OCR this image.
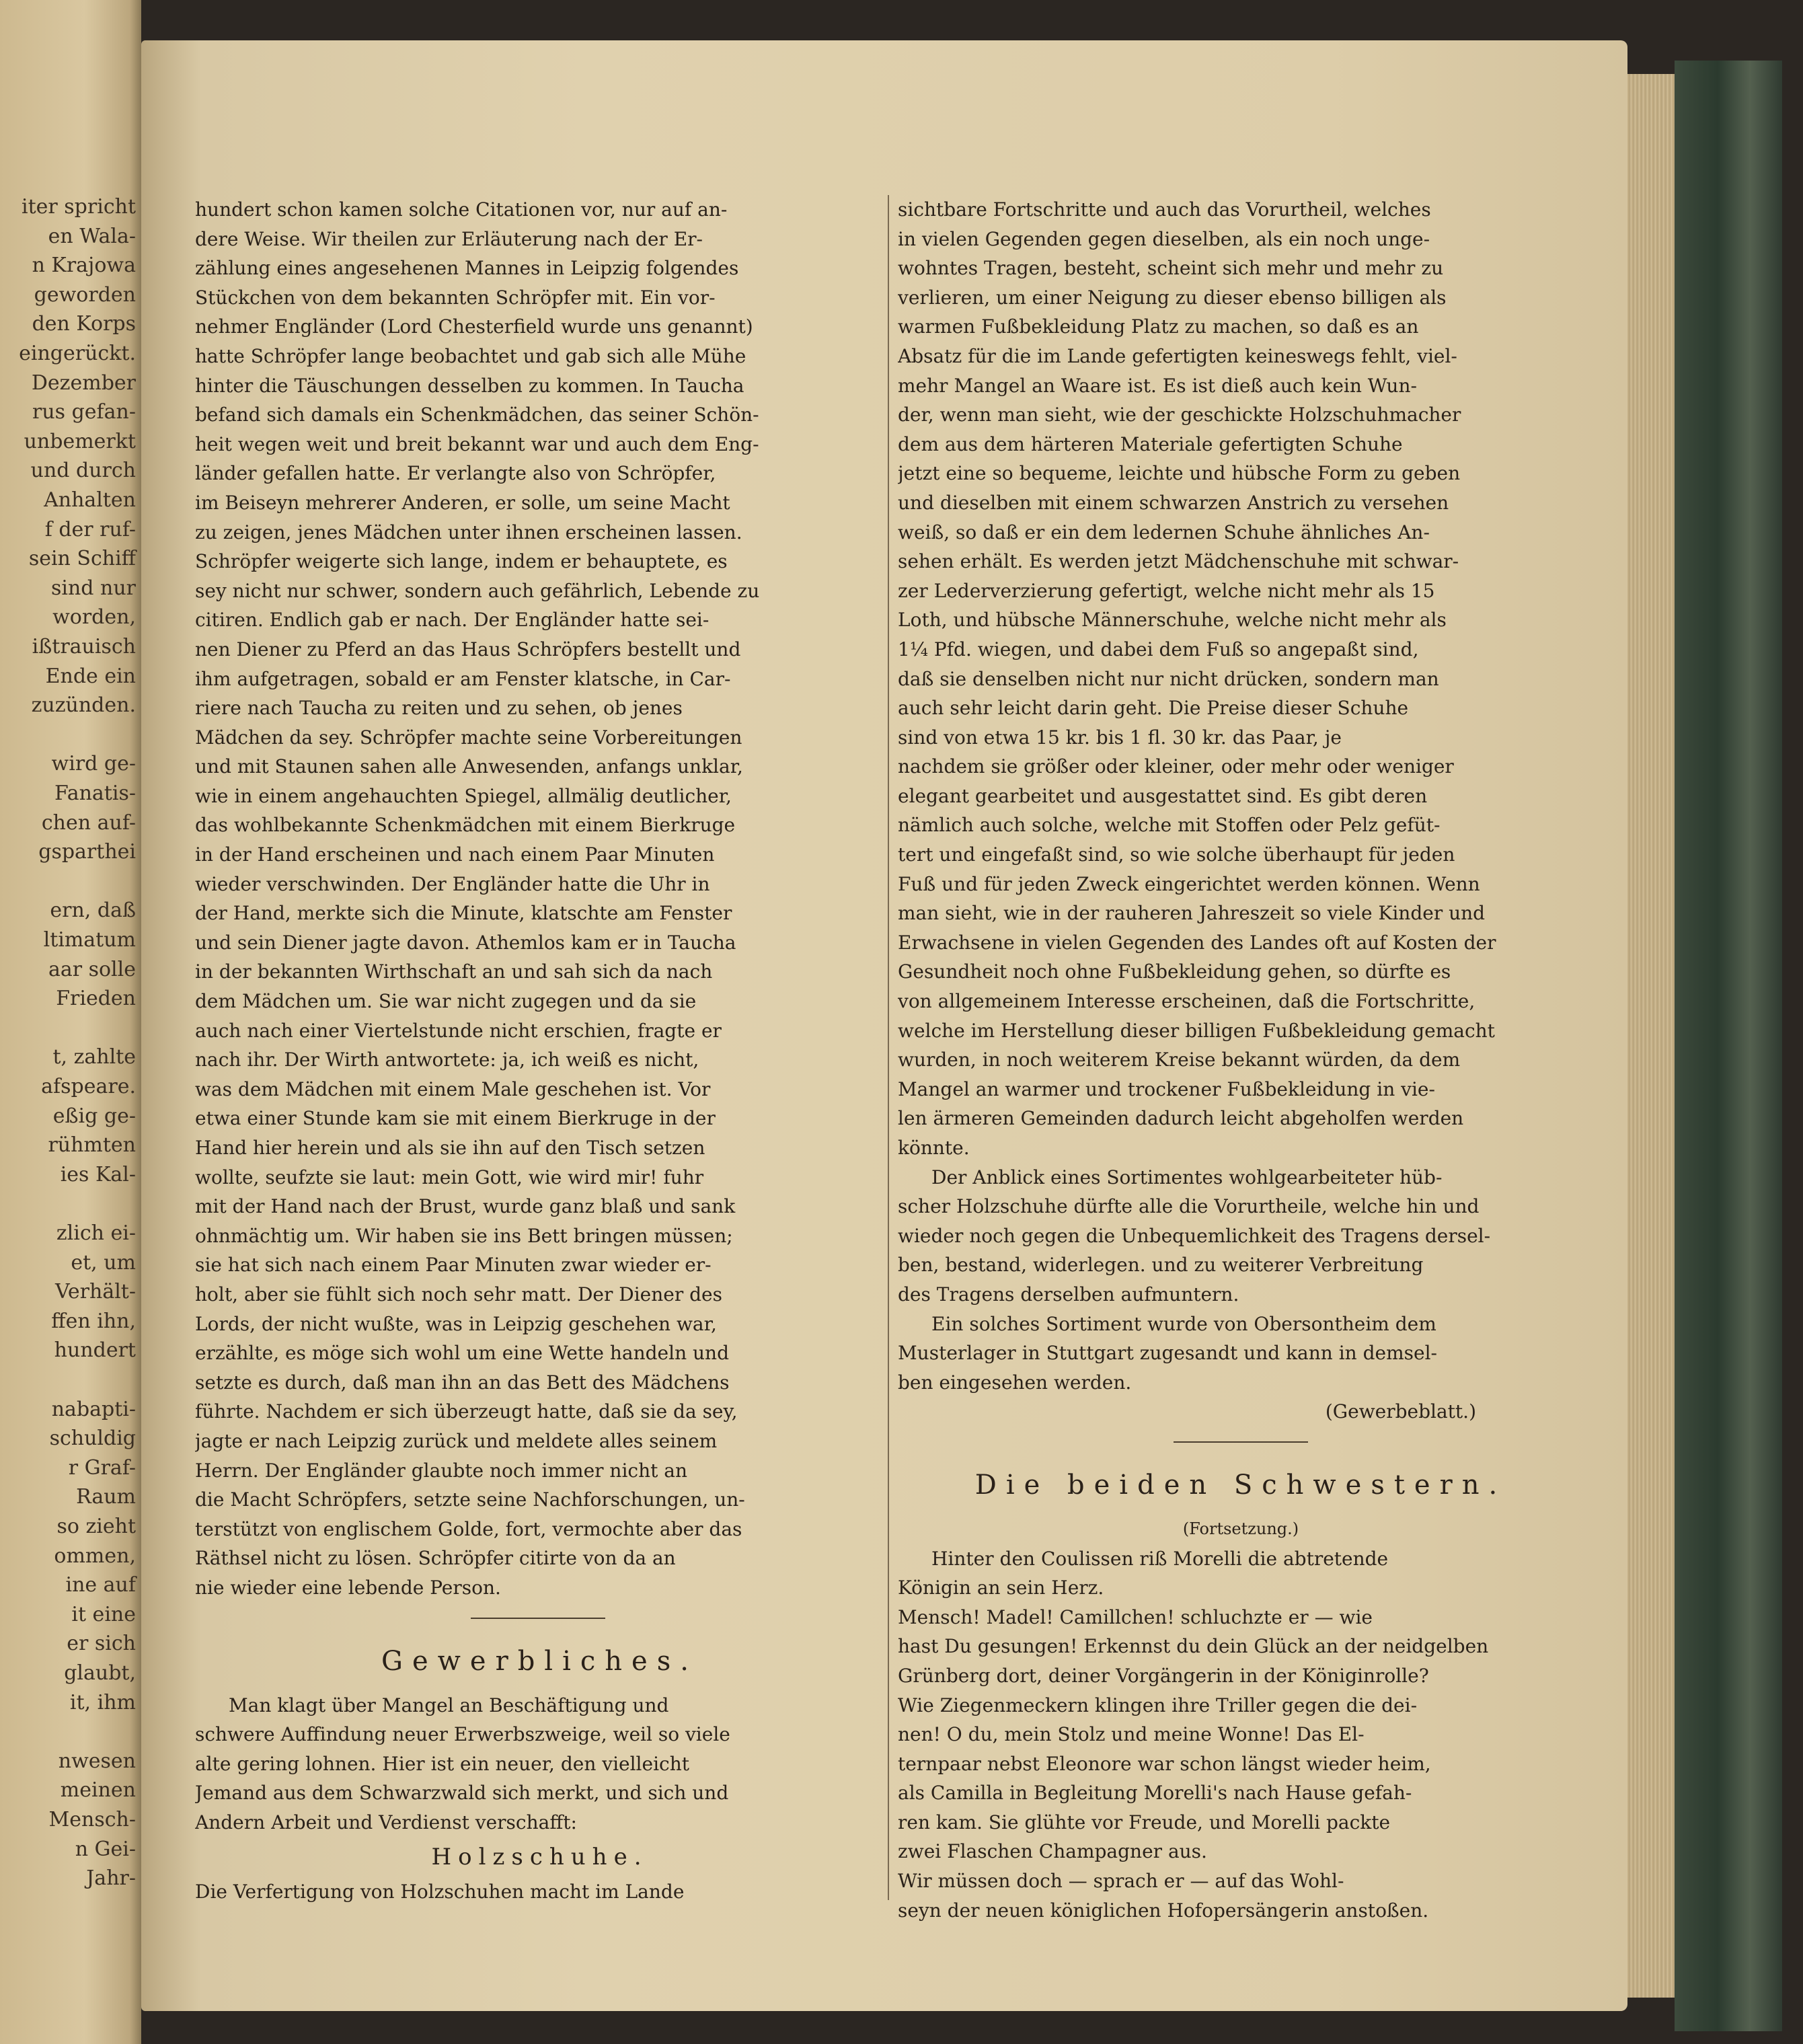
iter spricht
en Wala-
n Krajowa
geworden
den Korps
eingerückt.
Dezember
rus gefan-
unbemerkt
und durch
Anhalten
f der ruf-
sein Schiff
sind nur
worden,
ißtrauisch
Ende ein
zuzünden.
wird ge-
Fanatis-
chen auf-
gsparthei
ern, daß
ltimatum
aar solle
Frieden
t, zahlte
afspeare.
eßig ge-
rühmten
ies Kal-
zlich ei-
et, um
Verhält-
ffen ihn,
hundert
nabapti-
schuldig
r Graf-
Raum
so zieht
ommen,
ine auf
it eine
er sich
glaubt,
it, ihm
nwesen
meinen
Mensch-
n Gei-
Jahr-
hundert schon kamen solche Citationen vor, nur auf an-
dere Weise. Wir theilen zur Erläuterung nach der Er-
zählung eines angesehenen Mannes in Leipzig folgendes
Stückchen von dem bekannten Schröpfer mit. Ein vor-
nehmer Engländer (Lord Chesterfield wurde uns genannt)
hatte Schröpfer lange beobachtet und gab sich alle Mühe
hinter die Täuschungen desselben zu kommen. In Taucha
befand sich damals ein Schenkmädchen, das seiner Schön-
heit wegen weit und breit bekannt war und auch dem Eng-
länder gefallen hatte. Er verlangte also von Schröpfer,
im Beiseyn mehrerer Anderen, er solle, um seine Macht
zu zeigen, jenes Mädchen unter ihnen erscheinen lassen.
Schröpfer weigerte sich lange, indem er behauptete, es
sey nicht nur schwer, sondern auch gefährlich, Lebende zu
citiren. Endlich gab er nach. Der Engländer hatte sei-
nen Diener zu Pferd an das Haus Schröpfers bestellt und
ihm aufgetragen, sobald er am Fenster klatsche, in Car-
riere nach Taucha zu reiten und zu sehen, ob jenes
Mädchen da sey. Schröpfer machte seine Vorbereitungen
und mit Staunen sahen alle Anwesenden, anfangs unklar,
wie in einem angehauchten Spiegel, allmälig deutlicher,
das wohlbekannte Schenkmädchen mit einem Bierkruge
in der Hand erscheinen und nach einem Paar Minuten
wieder verschwinden. Der Engländer hatte die Uhr in
der Hand, merkte sich die Minute, klatschte am Fenster
und sein Diener jagte davon. Athemlos kam er in Taucha
in der bekannten Wirthschaft an und sah sich da nach
dem Mädchen um. Sie war nicht zugegen und da sie
auch nach einer Viertelstunde nicht erschien, fragte er
nach ihr. Der Wirth antwortete: ja, ich weiß es nicht,
was dem Mädchen mit einem Male geschehen ist. Vor
etwa einer Stunde kam sie mit einem Bierkruge in der
Hand hier herein und als sie ihn auf den Tisch setzen
wollte, seufzte sie laut: mein Gott, wie wird mir! fuhr
mit der Hand nach der Brust, wurde ganz blaß und sank
ohnmächtig um. Wir haben sie ins Bett bringen müssen;
sie hat sich nach einem Paar Minuten zwar wieder er-
holt, aber sie fühlt sich noch sehr matt. Der Diener des
Lords, der nicht wußte, was in Leipzig geschehen war,
erzählte, es möge sich wohl um eine Wette handeln und
setzte es durch, daß man ihn an das Bett des Mädchens
führte. Nachdem er sich überzeugt hatte, daß sie da sey,
jagte er nach Leipzig zurück und meldete alles seinem
Herrn. Der Engländer glaubte noch immer nicht an
die Macht Schröpfers, setzte seine Nachforschungen, un-
terstützt von englischem Golde, fort, vermochte aber das
Räthsel nicht zu lösen. Schröpfer citirte von da an
nie wieder eine lebende Person.
Gewerbliches.
Man klagt über Mangel an Beschäftigung und
schwere Auffindung neuer Erwerbszweige, weil so viele
alte gering lohnen. Hier ist ein neuer, den vielleicht
Jemand aus dem Schwarzwald sich merkt, und sich und
Andern Arbeit und Verdienst verschafft:
Holzschuhe.
Die Verfertigung von Holzschuhen macht im Lande
sichtbare Fortschritte und auch das Vorurtheil, welches
in vielen Gegenden gegen dieselben, als ein noch unge-
wohntes Tragen, besteht, scheint sich mehr und mehr zu
verlieren, um einer Neigung zu dieser ebenso billigen als
warmen Fußbekleidung Platz zu machen, so daß es an
Absatz für die im Lande gefertigten keineswegs fehlt, viel-
mehr Mangel an Waare ist. Es ist dieß auch kein Wun-
der, wenn man sieht, wie der geschickte Holzschuhmacher
dem aus dem härteren Materiale gefertigten Schuhe
jetzt eine so bequeme, leichte und hübsche Form zu geben
und dieselben mit einem schwarzen Anstrich zu versehen
weiß, so daß er ein dem ledernen Schuhe ähnliches An-
sehen erhält. Es werden jetzt Mädchenschuhe mit schwar-
zer Lederverzierung gefertigt, welche nicht mehr als 15
Loth, und hübsche Männerschuhe, welche nicht mehr als
1¼ Pfd. wiegen, und dabei dem Fuß so angepaßt sind,
daß sie denselben nicht nur nicht drücken, sondern man
auch sehr leicht darin geht. Die Preise dieser Schuhe
sind von etwa 15 kr. bis 1 fl. 30 kr. das Paar, je
nachdem sie größer oder kleiner, oder mehr oder weniger
elegant gearbeitet und ausgestattet sind. Es gibt deren
nämlich auch solche, welche mit Stoffen oder Pelz gefüt-
tert und eingefaßt sind, so wie solche überhaupt für jeden
Fuß und für jeden Zweck eingerichtet werden können. Wenn
man sieht, wie in der rauheren Jahreszeit so viele Kinder und
Erwachsene in vielen Gegenden des Landes oft auf Kosten der
Gesundheit noch ohne Fußbekleidung gehen, so dürfte es
von allgemeinem Interesse erscheinen, daß die Fortschritte,
welche im Herstellung dieser billigen Fußbekleidung gemacht
wurden, in noch weiterem Kreise bekannt würden, da dem
Mangel an warmer und trockener Fußbekleidung in vie-
len ärmeren Gemeinden dadurch leicht abgeholfen werden
könnte.
Der Anblick eines Sortimentes wohlgearbeiteter hüb-
scher Holzschuhe dürfte alle die Vorurtheile, welche hin und
wieder noch gegen die Unbequemlichkeit des Tragens dersel-
ben, bestand, widerlegen. und zu weiterer Verbreitung
des Tragens derselben aufmuntern.
Ein solches Sortiment wurde von Obersontheim dem
Musterlager in Stuttgart zugesandt und kann in demsel-
ben eingesehen werden.
(Gewerbeblatt.)
Die beiden Schwestern.
(Fortsetzung.)
Hinter den Coulissen riß Morelli die abtretende
Königin an sein Herz.
Mensch! Madel! Camillchen! schluchzte er — wie
hast Du gesungen! Erkennst du dein Glück an der neidgelben
Grünberg dort, deiner Vorgängerin in der Königinrolle?
Wie Ziegenmeckern klingen ihre Triller gegen die dei-
nen! O du, mein Stolz und meine Wonne! Das El-
ternpaar nebst Eleonore war schon längst wieder heim,
als Camilla in Begleitung Morelli's nach Hause gefah-
ren kam. Sie glühte vor Freude, und Morelli packte
zwei Flaschen Champagner aus.
Wir müssen doch — sprach er — auf das Wohl-
seyn der neuen königlichen Hofopersängerin anstoßen.
